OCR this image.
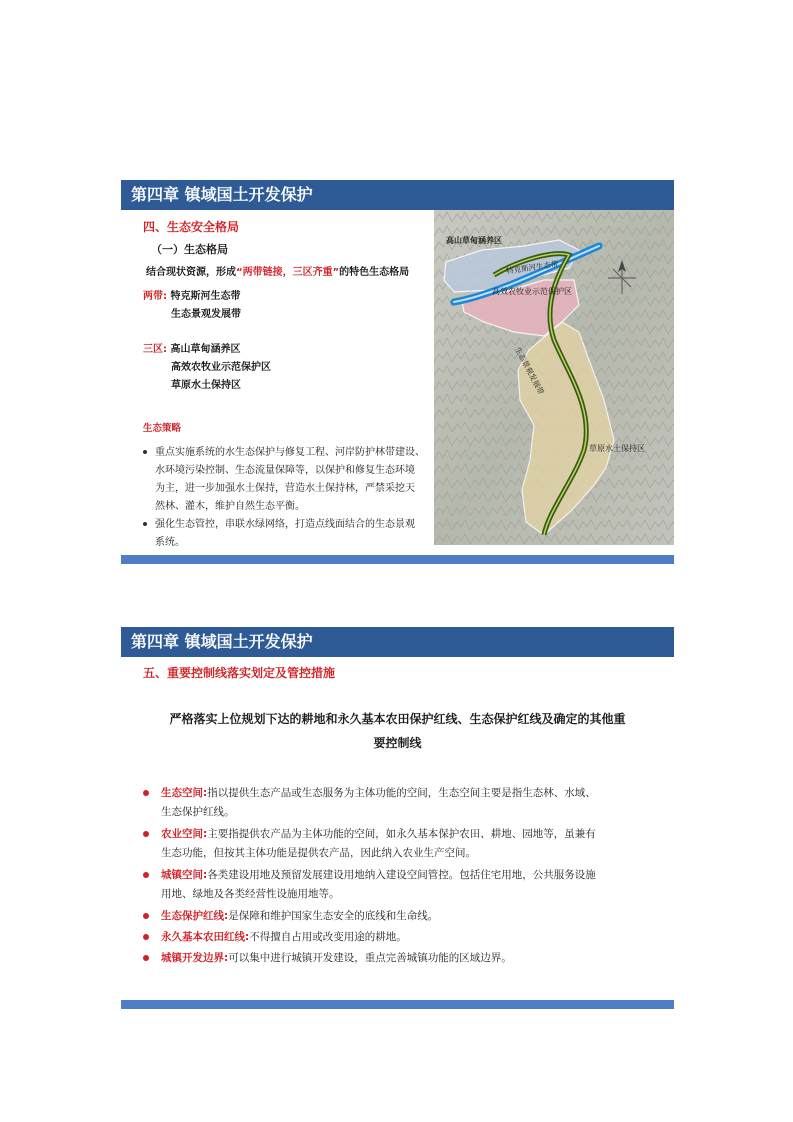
第四章 镇域国土开发保护
四、生态安全格局
（一）生态格局
结合现状资源，形成“两带链接，三区齐重”的特色生态格局
两带: 特克斯河生态带
生态景观发展带
三区: 高山草甸涵养区
高效农牧业示范保护区
草原水土保持区
生态策略
重点实施系统的水生态保护与修复工程、河岸防护林带建设、
水环境污染控制、生态流量保障等，以保护和修复生态环境
为主，进一步加强水土保持，营造水土保持林，严禁采挖天
然林、灌木，维护自然生态平衡。
强化生态管控，串联水绿网络，打造点线面结合的生态景观
系统。
高山草甸涵养区
特克斯河生态带
高效农牧业示范保护区
生态景观发展带
草原水土保持区
第四章 镇域国土开发保护
五、重要控制线落实划定及管控措施
严格落实上位规划下达的耕地和永久基本农田保护红线、生态保护红线及确定的其他重
要控制线
生态空间:指以提供生态产品或生态服务为主体功能的空间，生态空间主要是指生态林、水域、
生态保护红线。
农业空间:主要指提供农产品为主体功能的空间，如永久基本保护农田、耕地、园地等，虽兼有
生态功能，但按其主体功能是提供农产品，因此纳入农业生产空间。
城镇空间:各类建设用地及预留发展建设用地纳入建设空间管控。包括住宅用地，公共服务设施
用地、绿地及各类经营性设施用地等。
生态保护红线:是保障和维护国家生态安全的底线和生命线。
永久基本农田红线:不得擅自占用或改变用途的耕地。
城镇开发边界:可以集中进行城镇开发建设，重点完善城镇功能的区域边界。
